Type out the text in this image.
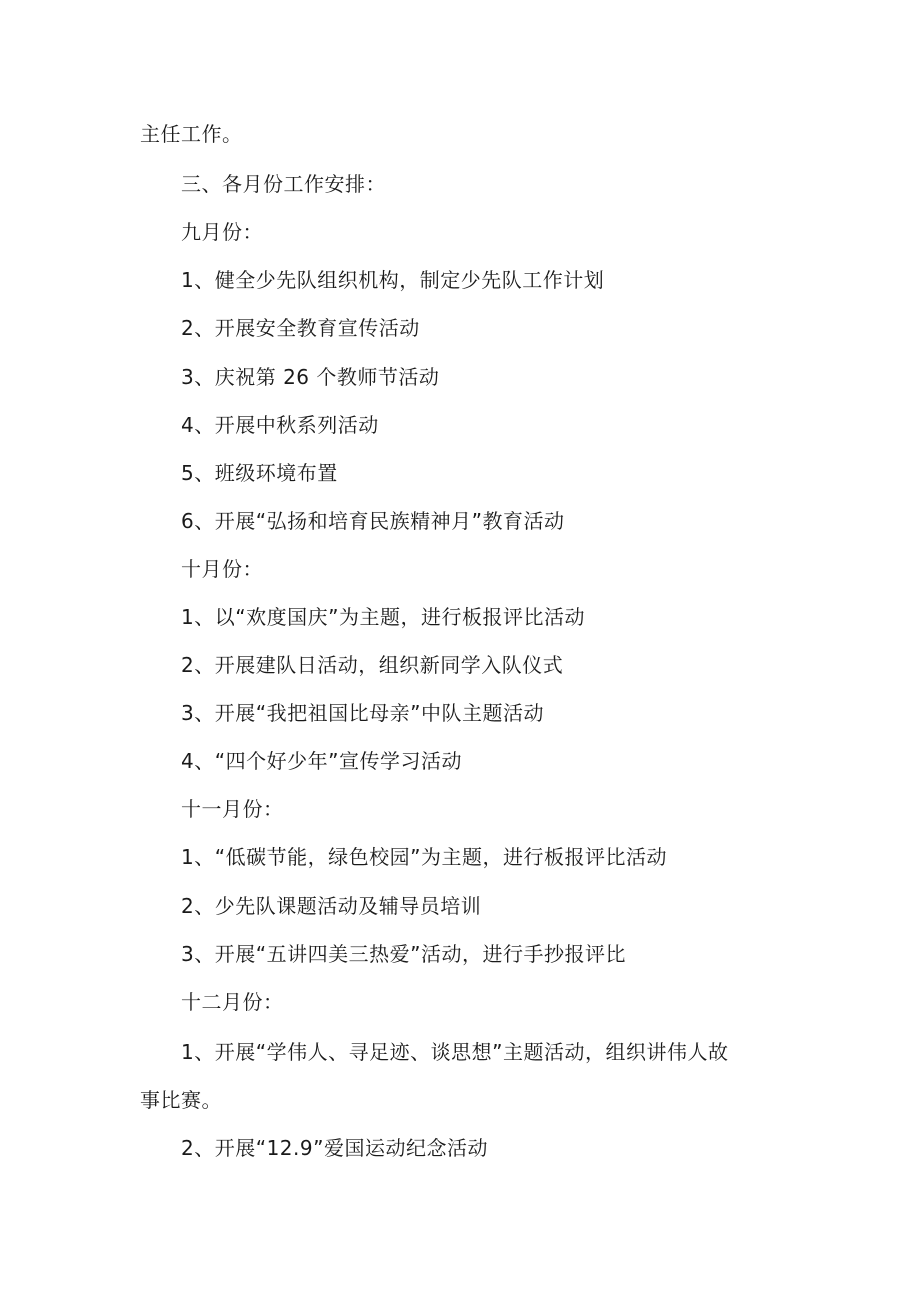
主任工作。
三、各月份工作安排：
九月份：
1、健全少先队组织机构，制定少先队工作计划
2、开展安全教育宣传活动
3、庆祝第 26 个教师节活动
4、开展中秋系列活动
5、班级环境布置
6、开展“弘扬和培育民族精神月”教育活动
十月份：
1、以“欢度国庆”为主题，进行板报评比活动
2、开展建队日活动，组织新同学入队仪式
3、开展“我把祖国比母亲”中队主题活动
4、“四个好少年”宣传学习活动
十一月份：
1、“低碳节能，绿色校园”为主题，进行板报评比活动
2、少先队课题活动及辅导员培训
3、开展“五讲四美三热爱”活动，进行手抄报评比
十二月份：
1、开展“学伟人、寻足迹、谈思想”主题活动，组织讲伟人故
事比赛。
2、开展“12.9”爱国运动纪念活动
